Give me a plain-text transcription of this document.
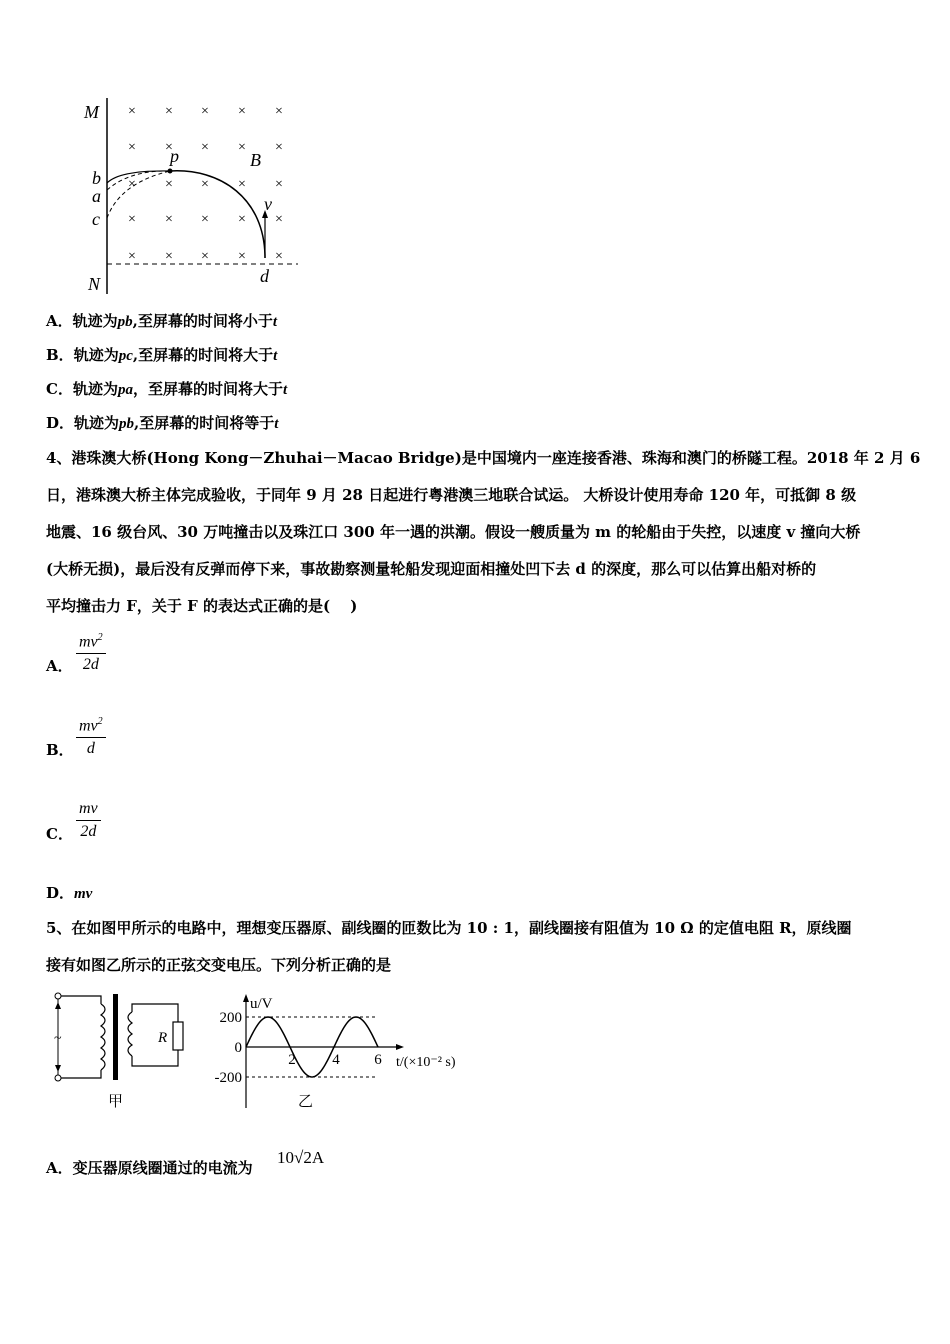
× × × × ×
× × × × ×
× × × × ×
× × × × ×
× × × × ×
M
N
b
a
c
p	B
v
d
A．轨迹为pb,至屏幕的时间将小于t
B．轨迹为pc,至屏幕的时间将大于t
C．轨迹为pa，至屏幕的时间将大于t
D．轨迹为pb,至屏幕的时间将等于t
4、港珠澳大桥(Hong Kong－Zhuhai－Macao Bridge)是中国境内一座连接香港、珠海和澳门的桥隧工程。2018 年 2 月 6
日，港珠澳大桥主体完成验收，于同年 9 月 28 日起进行粤港澳三地联合试运。 大桥设计使用寿命 120 年，可抵御 8 级
地震、16 级台风、30 万吨撞击以及珠江口 300 年一遇的洪潮。假设一艘质量为 m 的轮船由于失控，以速度 v 撞向大桥
(大桥无损)，最后没有反弹而停下来，事故勘察测量轮船发现迎面相撞处凹下去 d 的深度，那么可以估算出船对桥的
平均撞击力 F，关于 F 的表达式正确的是(　 )
A．
$mv^2$
2d
B．
$mv^2$
d
C．
mv
2d
D．mv
5、在如图甲所示的电路中，理想变压器原、副线圈的匝数比为 10 : 1，副线圈接有阻值为 10 Ω 的定值电阻 R，原线圈
接有如图乙所示的正弦交变电压。下列分析正确的是
~	R
甲
200
0
-200
2 4 6
u/V
t/(×10⁻² s)
乙
A．变压器原线圈通过的电流为
10√2A
